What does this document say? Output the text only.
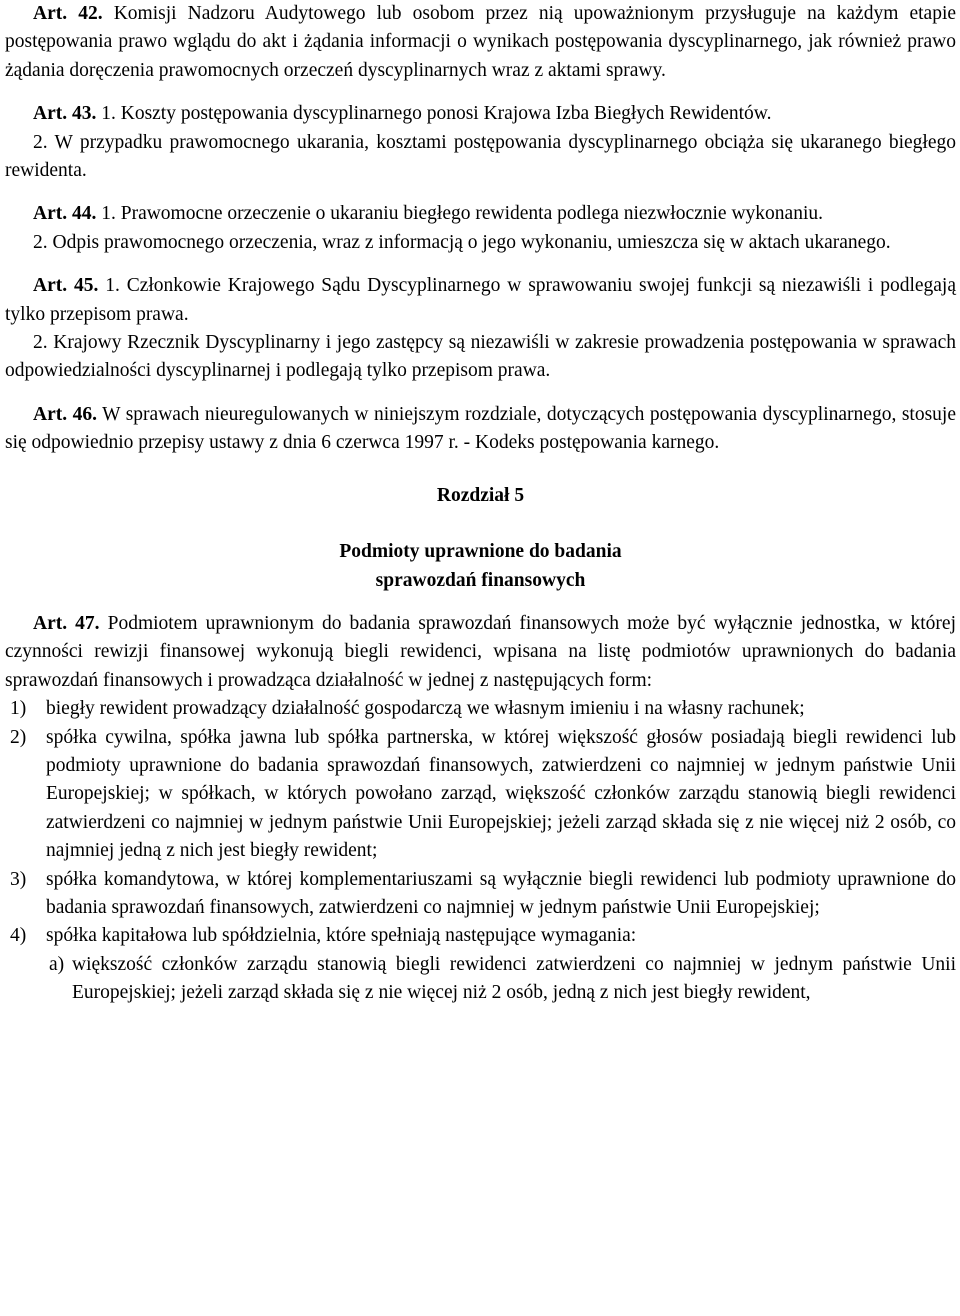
Art. 42. Komisji Nadzoru Audytowego lub osobom przez nią upoważnionym przysługuje na każdym etapie postępowania prawo wglądu do akt i żądania informacji o wynikach postępowania dyscyplinarnego, jak również prawo żądania doręczenia prawomocnych orzeczeń dyscyplinarnych wraz z aktami sprawy.

Art. 43. 1. Koszty postępowania dyscyplinarnego ponosi Krajowa Izba Biegłych Rewidentów.

2. W przypadku prawomocnego ukarania, kosztami postępowania dyscyplinarnego obciąża się ukaranego biegłego rewidenta.

Art. 44. 1. Prawomocne orzeczenie o ukaraniu biegłego rewidenta podlega niezwłocznie wykonaniu.

2. Odpis prawomocnego orzeczenia, wraz z informacją o jego wykonaniu, umieszcza się w aktach ukaranego.

Art. 45. 1. Członkowie Krajowego Sądu Dyscyplinarnego w sprawowaniu swojej funkcji są niezawiśli i podlegają tylko przepisom prawa.

2. Krajowy Rzecznik Dyscyplinarny i jego zastępcy są niezawiśli w zakresie prowadzenia postępowania w sprawach odpowiedzialności dyscyplinarnej i podlegają tylko przepisom prawa.

Art. 46. W sprawach nieuregulowanych w niniejszym rozdziale, dotyczących postępowania dyscyplinarnego, stosuje się odpowiednio przepisy ustawy z dnia 6 czerwca 1997 r. - Kodeks postępowania karnego.

Rozdział 5

Podmioty uprawnione do badania

sprawozdań finansowych

Art. 47. Podmiotem uprawnionym do badania sprawozdań finansowych może być wyłącznie jednostka, w której czynności rewizji finansowej wykonują biegli rewidenci, wpisana na listę podmiotów uprawnionych do badania sprawozdań finansowych i prowadząca działalność w jednej z następujących form:

1)	biegły rewident prowadzący działalność gospodarczą we własnym imieniu i na własny rachunek;
2)	spółka cywilna, spółka jawna lub spółka partnerska, w której większość głosów posiadają biegli rewidenci lub podmioty uprawnione do badania sprawozdań finansowych, zatwierdzeni co najmniej w jednym państwie Unii Europejskiej; w spółkach, w których powołano zarząd, większość członków zarządu stanowią biegli rewidenci zatwierdzeni co najmniej w jednym państwie Unii Europejskiej; jeżeli zarząd składa się z nie więcej niż 2 osób, co najmniej jedną z nich jest biegły rewident;
3)	spółka komandytowa, w której komplementariuszami są wyłącznie biegli rewidenci lub podmioty uprawnione do badania sprawozdań finansowych, zatwierdzeni co najmniej w jednym państwie Unii Europejskiej;
4)	spółka kapitałowa lub spółdzielnia, które spełniają następujące wymagania:
a) większość członków zarządu stanowią biegli rewidenci zatwierdzeni co najmniej w jednym państwie Unii Europejskiej; jeżeli zarząd składa się z nie więcej niż 2 osób, jedną z nich jest biegły rewident,
